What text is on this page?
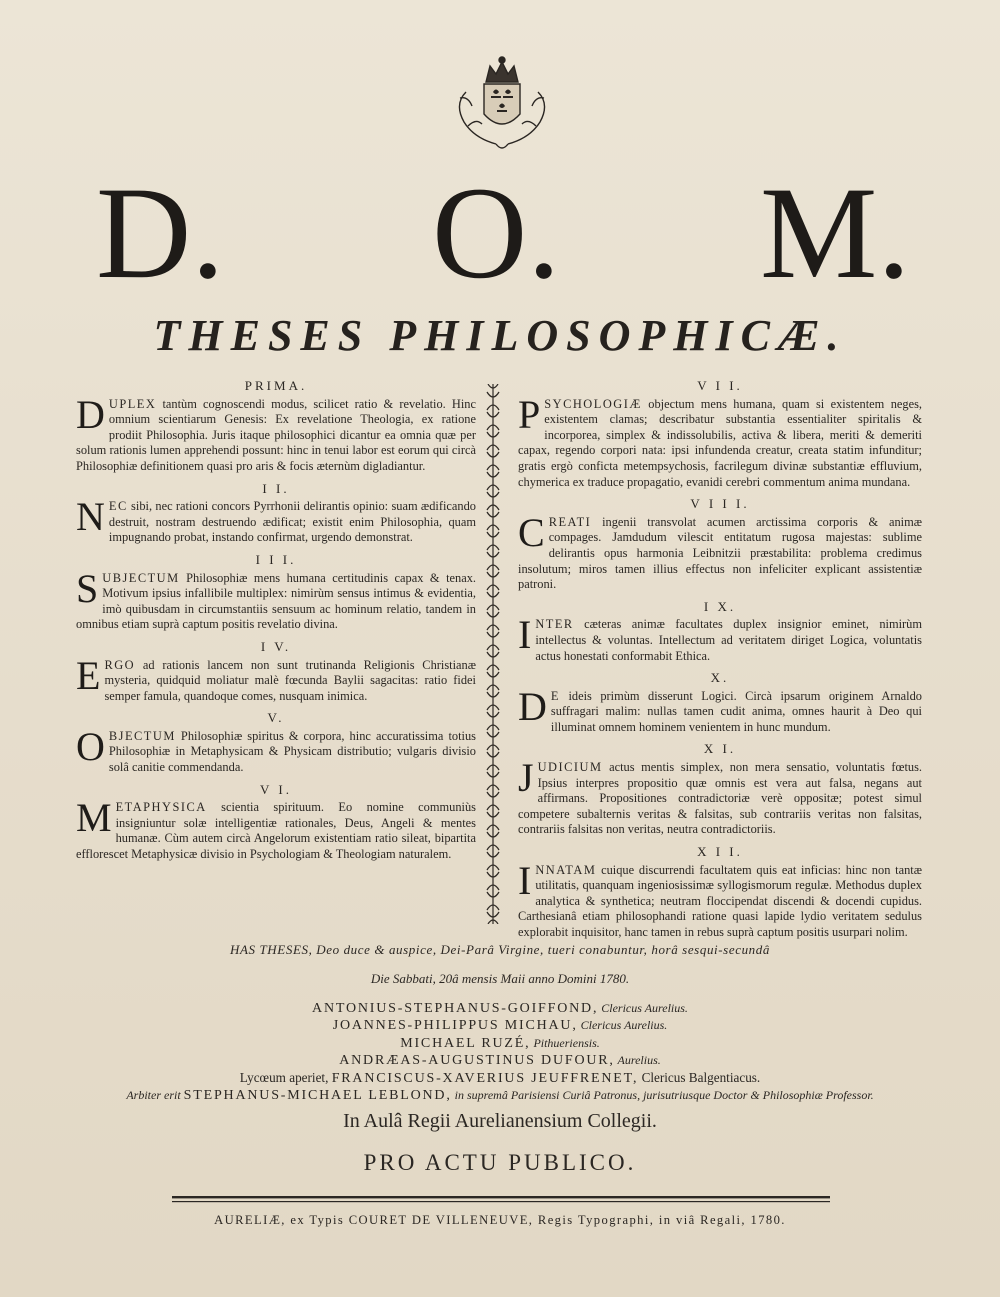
D. O. M.
THESES PHILOSOPHICÆ.
PRIMA.

DUPLEX tantùm cognoscendi modus, scilicet ratio & revelatio. Hinc omnium scientiarum Genesis: Ex revelatione Theologia, ex ratione prodiit Philosophia. Juris itaque philosophici dicantur ea omnia quæ per solum rationis lumen apprehendi possunt: hinc in tenui labor est eorum qui circà Philosophiæ definitionem quasi pro aris & focis æternùm digladiantur.

I I.

NEC sibi, nec rationi concors Pyrrhonii delirantis opinio: suam ædificando destruit, nostram destruendo ædificat; existit enim Philosophia, quam impugnando probat, instando confirmat, urgendo demonstrat.

I I I.

SUBJECTUM Philosophiæ mens humana certitudinis capax & tenax. Motivum ipsius infallibile multiplex: nimirùm sensus intimus & evidentia, imò quibusdam in circumstantiis sensuum ac hominum relatio, tandem in omnibus etiam suprà captum positis revelatio divina.

I V.

ERGO ad rationis lancem non sunt trutinanda Religionis Christianæ mysteria, quidquid moliatur malè fœcunda Baylii sagacitas: ratio fidei semper famula, quandoque comes, nusquam inimica.

V.

OBJECTUM Philosophiæ spiritus & corpora, hinc accuratissima totius Philosophiæ in Metaphysicam & Physicam distributio; vulgaris divisio solâ canitie commendanda.

V I.

METAPHYSICA scientia spirituum. Eo nomine communiùs insigniuntur solæ intelligentiæ rationales, Deus, Angeli & mentes humanæ. Cùm autem circà Angelorum existentiam ratio sileat, bipartita efflorescet Metaphysicæ divisio in Psychologiam & Theologiam naturalem.

V I I.

PSYCHOLOGIÆ objectum mens humana, quam si existentem neges, existentem clamas; describatur substantia essentialiter spiritalis & incorporea, simplex & indissolubilis, activa & libera, meriti & demeriti capax, regendo corpori nata: ipsi infundenda creatur, creata statim infunditur; gratis ergò conficta metempsychosis, facrilegum divinæ substantiæ effluvium, chymerica ex traduce propagatio, evanidi cerebri commentum anima mundana.

V I I I.

CREATI ingenii transvolat acumen arctissima corporis & animæ compages. Jamdudum vilescit entitatum rugosa majestas: sublime delirantis opus harmonia Leibnitzii præstabilita: problema credimus insolutum; miros tamen illius effectus non infeliciter explicant assistentiæ patroni.

I X.

INTER cæteras animæ facultates duplex insignior eminet, nimirùm intellectus & voluntas. Intellectum ad veritatem diriget Logica, voluntatis actus honestati conformabit Ethica.

X.

D E ideis primùm disserunt Logici. Circà ipsarum originem Arnaldo suffragari malim: nullas tamen cudit anima, omnes haurit à Deo qui illuminat omnem hominem venientem in hunc mundum.

X I.

JUDICIUM actus mentis simplex, non mera sensatio, voluntatis fœtus. Ipsius interpres propositio quæ omnis est vera aut falsa, negans aut affirmans. Propositiones contradictoriæ verè oppositæ; potest simul competere subalternis veritas & falsitas, sub contrariis veritas non falsitas, contrariis falsitas non veritas, neutra contradictoriis.

X I I.

INNATAM cuique discurrendi facultatem quis eat inficias: hinc non tantæ utilitatis, quanquam ingeniosissimæ syllogismorum regulæ. Methodus duplex analytica & synthetica; neutram floccipendat discendi & docendi cupidus. Carthesianâ etiam philosophandi ratione quasi lapide lydio veritatem sedulus explorabit inquisitor, hanc tamen in rebus suprà captum positis usurpari nolim.

HAS THESES, Deo duce & auspice, Dei-Parâ Virgine, tueri conabuntur, horâ sesqui-secundâ
Die Sabbati, 20â mensis Maii anno Domini 1780.
ANTONIUS-STEPHANUS-GOIFFOND, Clericus Aurelius.
JOANNES-PHILIPPUS MICHAU, Clericus Aurelius.
MICHAEL RUZÉ, Pithueriensis.
ANDRÆAS-AUGUSTINUS DUFOUR, Aurelius.
Lycœum aperiet, FRANCISCUS-XAVERIUS JEUFFRENET, Clericus Balgentiacus.
Arbiter erit STEPHANUS-MICHAEL LEBLOND, in supremâ Parisiensi Curiâ Patronus, jurisutriusque Doctor & Philosophiæ Professor.
In Aulâ Regii Aurelianensium Collegii.
PRO ACTU PUBLICO.
AURELIÆ, ex Typis COURET DE VILLENEUVE, Regis Typographi, in viâ Regali, 1780.
